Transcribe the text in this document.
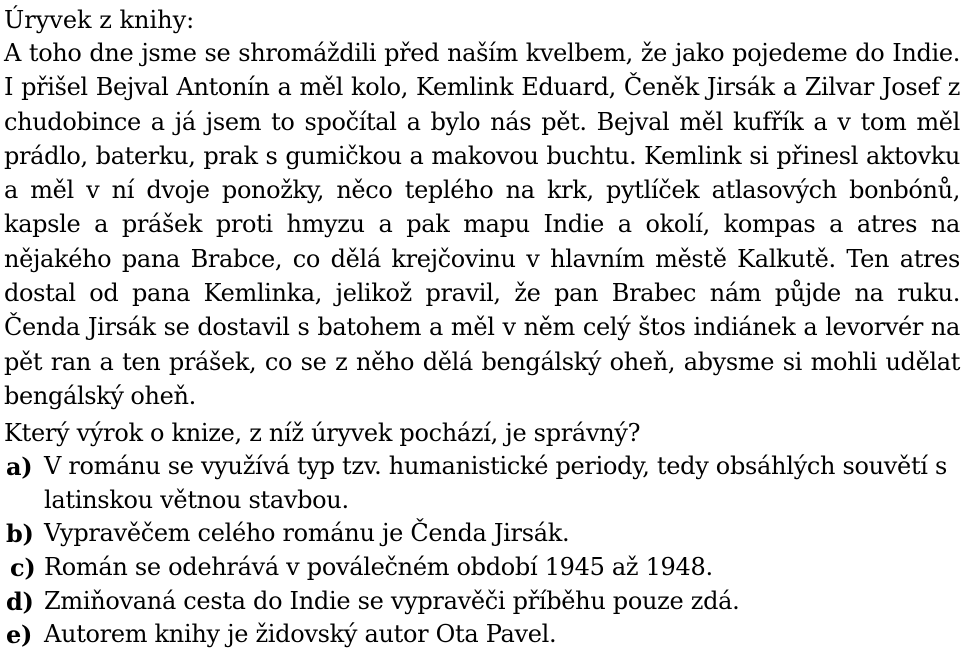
Úryvek z knihy:

A toho dne jsme se shromáždili před naším kvelbem, že jako pojedeme do Indie. I přišel Bejval Antonín a měl kolo, Kemlink Eduard, Čeněk Jirsák a Zilvar Josef z chudobince a já jsem to spočítal a bylo nás pět. Bejval měl kufřík a v tom měl prádlo, baterku, prak s gumičkou a makovou buchtu. Kemlink si přinesl aktovku a měl v ní dvoje ponožky, něco teplého na krk, pytlíček atlasových bonbónů, kapsle a prášek proti hmyzu a pak mapu Indie a okolí, kompas a atres na nějakého pana Brabce, co dělá krejčovinu v hlavním městě Kalkutě. Ten atres dostal od pana Kemlinka, jelikož pravil, že pan Brabec nám půjde na ruku. Čenda Jirsák se dostavil s batohem a měl v něm celý štos indiánek a levorvér na pět ran a ten prášek, co se z něho dělá bengálský oheň, abysme si mohli udělat bengálský oheň.

Který výrok o knize, z níž úryvek pochází, je správný?

a) V románu se využívá typ tzv. humanistické periody, tedy obsáhlých souvětí s latinskou větnou stavbou.
b) Vypravěčem celého románu je Čenda Jirsák.
c) Román se odehrává v poválečném období 1945 až 1948.
d) Zmiňovaná cesta do Indie se vypravěči příběhu pouze zdá.
e) Autorem knihy je židovský autor Ota Pavel.
